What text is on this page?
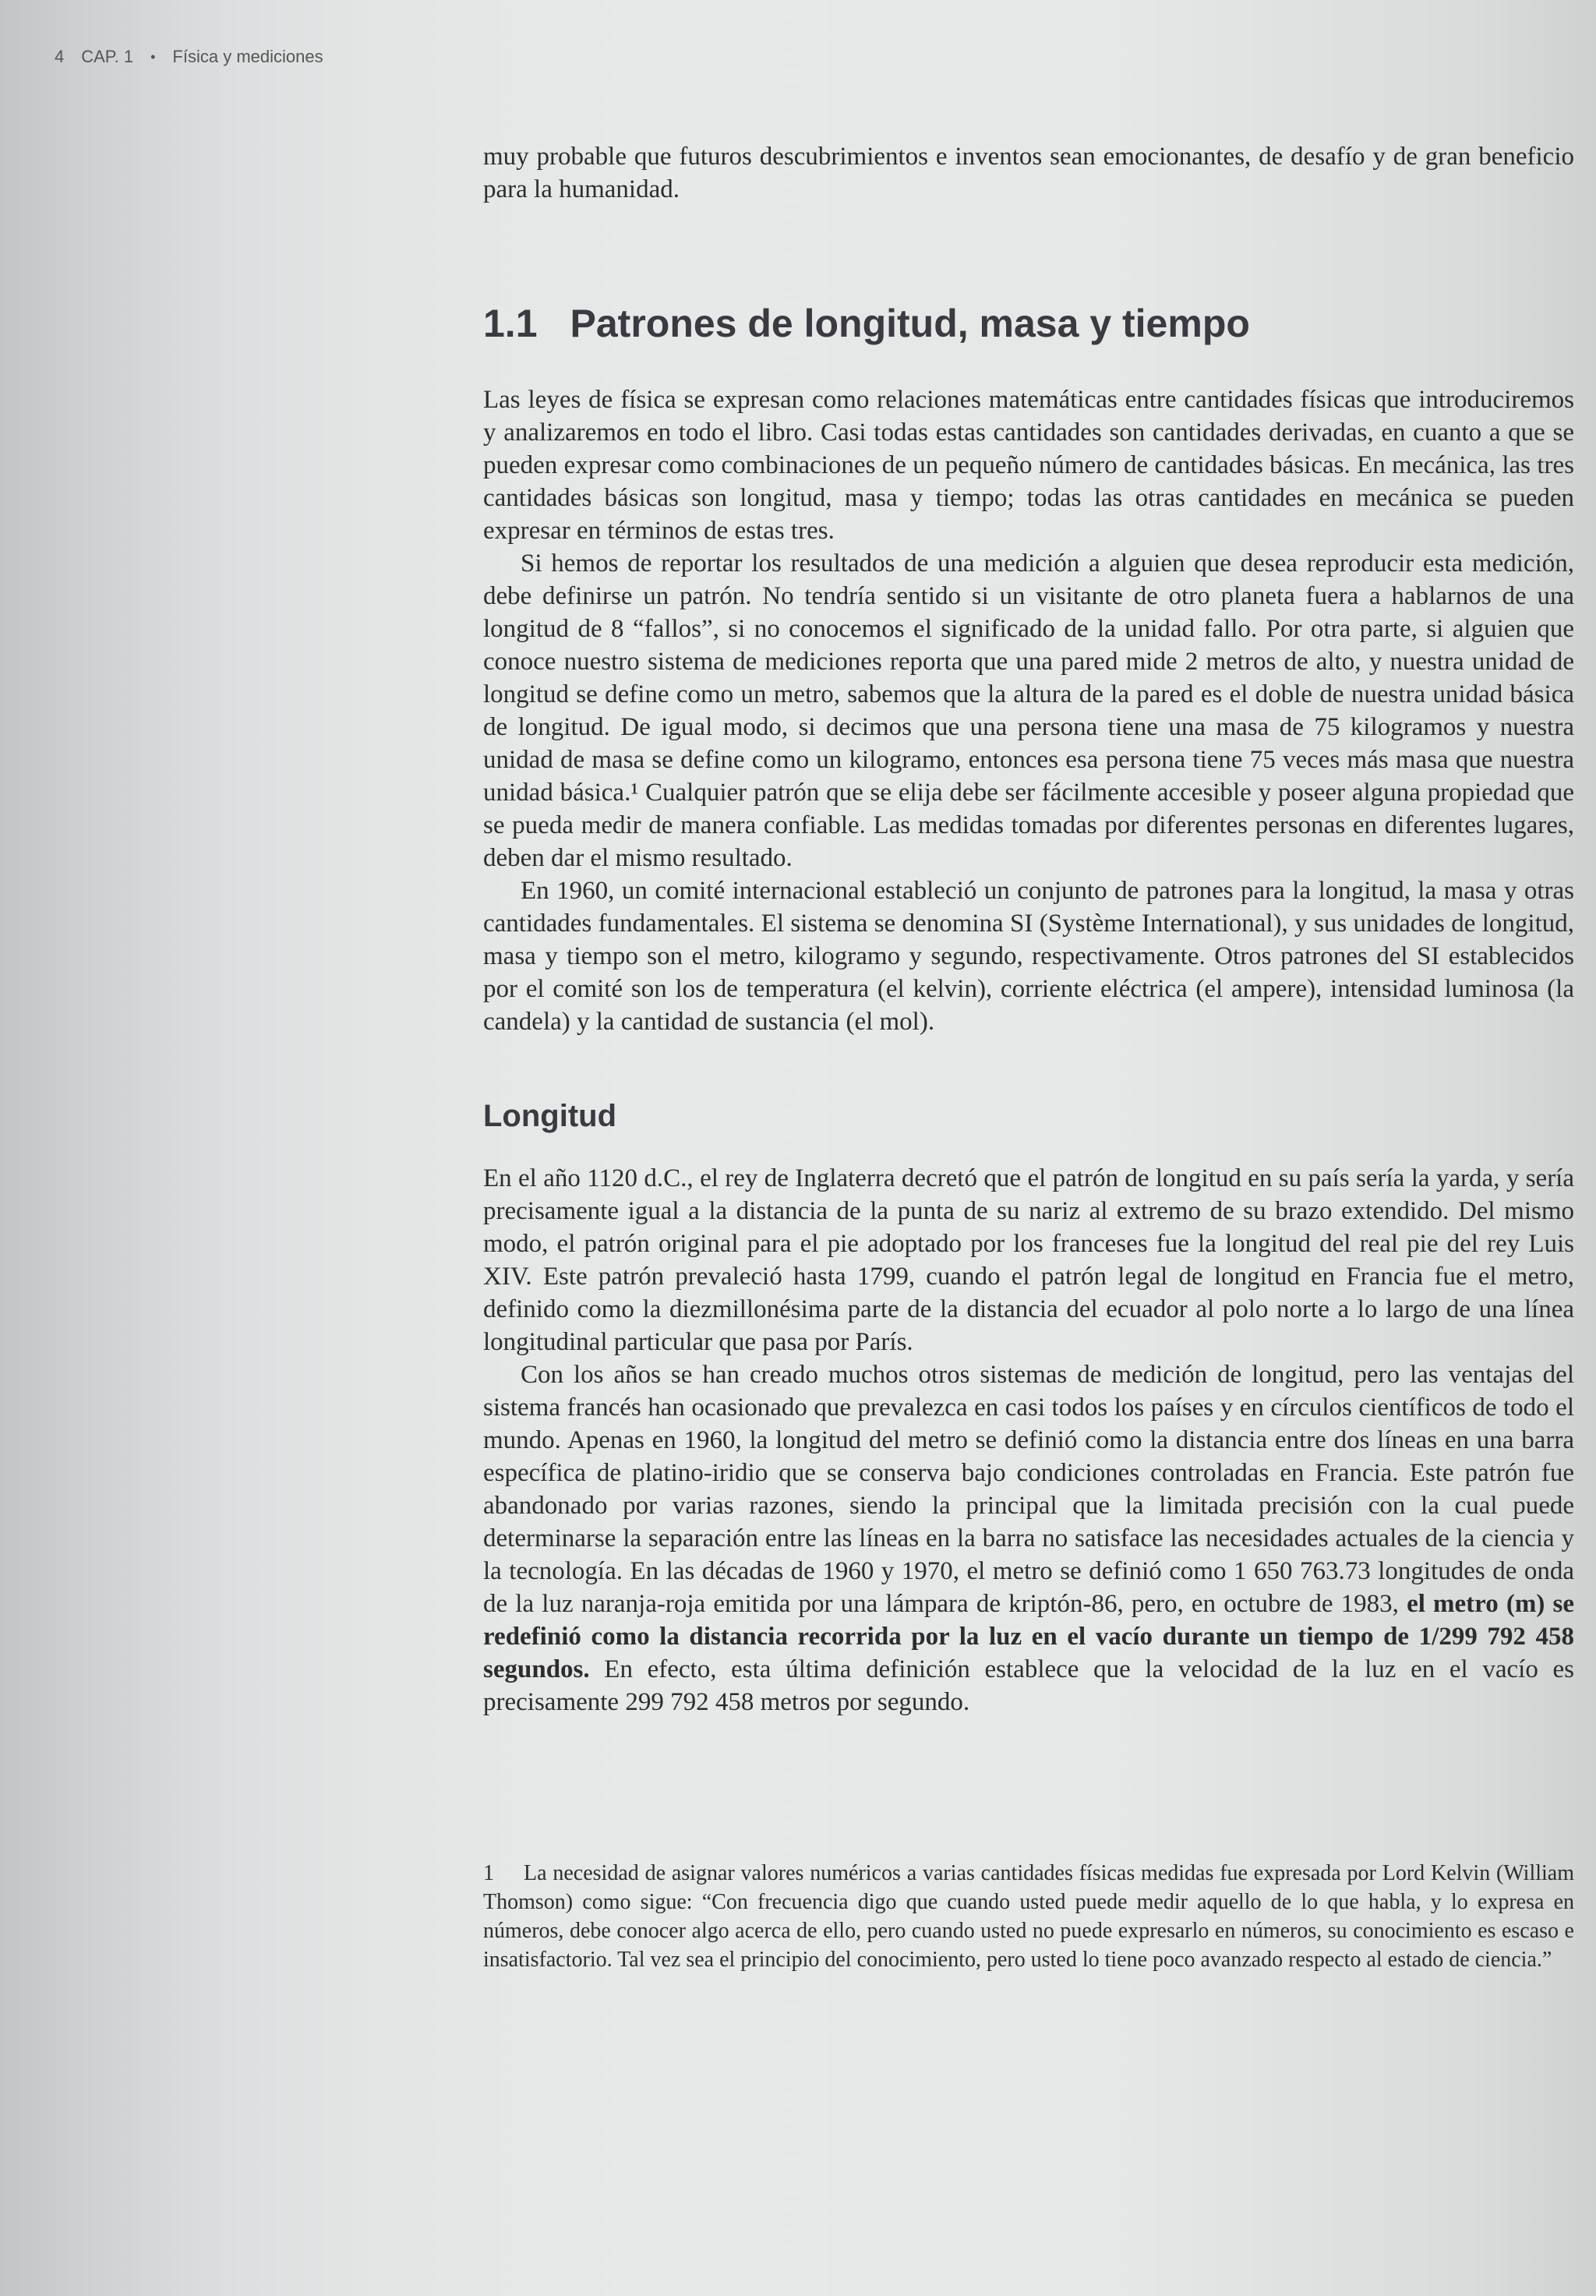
4 CAP. 1 • Física y mediciones

muy probable que futuros descubrimientos e inventos sean emocionantes, de desafío y de gran beneficio para la humanidad.

1.1 Patrones de longitud, masa y tiempo

Las leyes de física se expresan como relaciones matemáticas entre cantidades físicas que introduciremos y analizaremos en todo el libro. Casi todas estas cantidades son cantidades derivadas, en cuanto a que se pueden expresar como combinaciones de un pequeño número de cantidades básicas. En mecánica, las tres cantidades básicas son longitud, masa y tiempo; todas las otras cantidades en mecánica se pueden expresar en términos de estas tres.

Si hemos de reportar los resultados de una medición a alguien que desea reproducir esta medición, debe definirse un patrón. No tendría sentido si un visitante de otro planeta fuera a hablarnos de una longitud de 8 “fallos”, si no conocemos el significado de la unidad fallo. Por otra parte, si alguien que conoce nuestro sistema de mediciones reporta que una pared mide 2 metros de alto, y nuestra unidad de longitud se define como un metro, sabemos que la altura de la pared es el doble de nuestra unidad básica de longitud. De igual modo, si decimos que una persona tiene una masa de 75 kilogramos y nuestra unidad de masa se define como un kilogramo, entonces esa persona tiene 75 veces más masa que nuestra unidad básica.¹ Cualquier patrón que se elija debe ser fácilmente accesible y poseer alguna propiedad que se pueda medir de manera confiable. Las medidas tomadas por diferentes personas en diferentes lugares, deben dar el mismo resultado.

En 1960, un comité internacional estableció un conjunto de patrones para la longitud, la masa y otras cantidades fundamentales. El sistema se denomina SI (Système International), y sus unidades de longitud, masa y tiempo son el metro, kilogramo y segundo, respectivamente. Otros patrones del SI establecidos por el comité son los de temperatura (el kelvin), corriente eléctrica (el ampere), intensidad luminosa (la candela) y la cantidad de sustancia (el mol).

Longitud

En el año 1120 d.C., el rey de Inglaterra decretó que el patrón de longitud en su país sería la yarda, y sería precisamente igual a la distancia de la punta de su nariz al extremo de su brazo extendido. Del mismo modo, el patrón original para el pie adoptado por los franceses fue la longitud del real pie del rey Luis XIV. Este patrón prevaleció hasta 1799, cuando el patrón legal de longitud en Francia fue el metro, definido como la diezmillonésima parte de la distancia del ecuador al polo norte a lo largo de una línea longitudinal particular que pasa por París.

Con los años se han creado muchos otros sistemas de medición de longitud, pero las ventajas del sistema francés han ocasionado que prevalezca en casi todos los países y en círculos científicos de todo el mundo. Apenas en 1960, la longitud del metro se definió como la distancia entre dos líneas en una barra específica de platino-iridio que se conserva bajo condiciones controladas en Francia. Este patrón fue abandonado por varias razones, siendo la principal que la limitada precisión con la cual puede determinarse la separación entre las líneas en la barra no satisface las necesidades actuales de la ciencia y la tecnología. En las décadas de 1960 y 1970, el metro se definió como 1 650 763.73 longitudes de onda de la luz naranja-roja emitida por una lámpara de kriptón-86, pero, en octubre de 1983, el metro (m) se redefinió como la distancia recorrida por la luz en el vacío durante un tiempo de 1/299 792 458 segundos. En efecto, esta última definición establece que la velocidad de la luz en el vacío es precisamente 299 792 458 metros por segundo.

1 La necesidad de asignar valores numéricos a varias cantidades físicas medidas fue expresada por Lord Kelvin (William Thomson) como sigue: “Con frecuencia digo que cuando usted puede medir aquello de lo que habla, y lo expresa en números, debe conocer algo acerca de ello, pero cuando usted no puede expresarlo en números, su conocimiento es escaso e insatisfactorio. Tal vez sea el principio del conocimiento, pero usted lo tiene poco avanzado respecto al estado de ciencia.”
